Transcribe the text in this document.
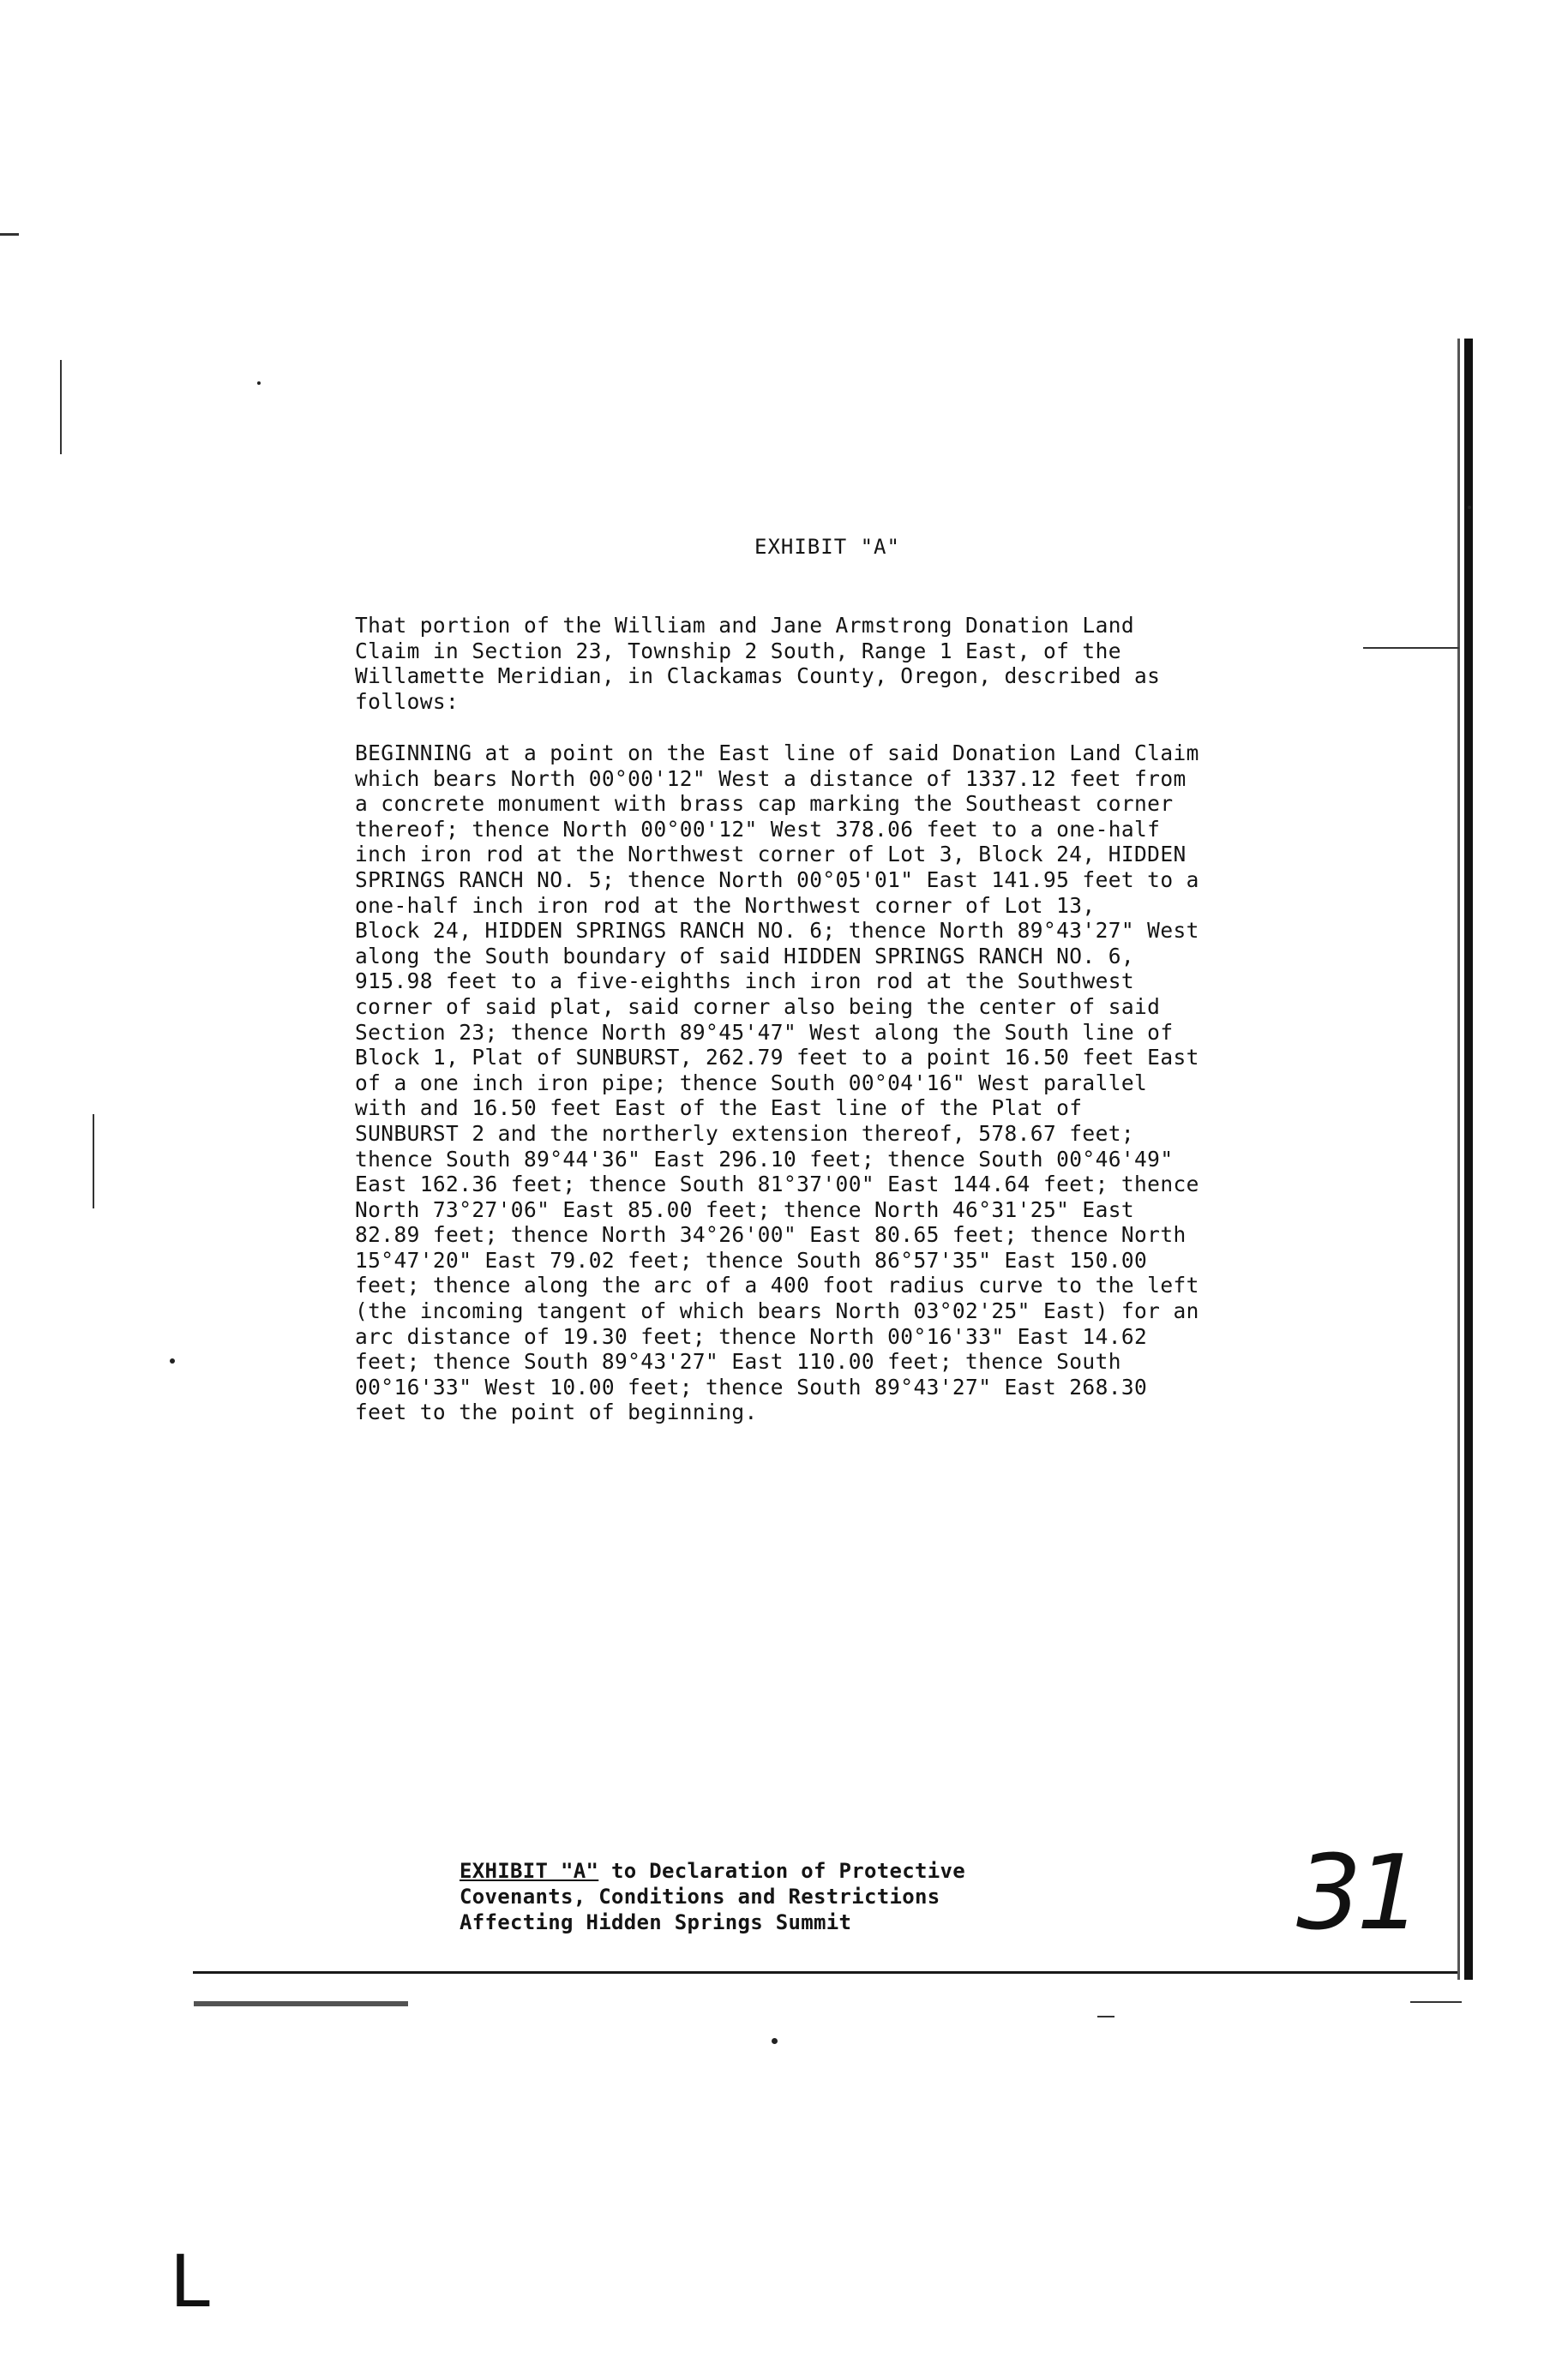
EXHIBIT "A"
That portion of the William and Jane Armstrong Donation Land
Claim in Section 23, Township 2 South, Range 1 East, of the
Willamette Meridian, in Clackamas County, Oregon, described as
follows:
BEGINNING at a point on the East line of said Donation Land Claim
which bears North 00°00'12" West a distance of 1337.12 feet from
a concrete monument with brass cap marking the Southeast corner
thereof; thence North 00°00'12" West 378.06 feet to a one-half
inch iron rod at the Northwest corner of Lot 3, Block 24, HIDDEN
SPRINGS RANCH NO. 5; thence North 00°05'01" East 141.95 feet to a
one-half inch iron rod at the Northwest corner of Lot 13,
Block 24, HIDDEN SPRINGS RANCH NO. 6; thence North 89°43'27" West
along the South boundary of said HIDDEN SPRINGS RANCH NO. 6,
915.98 feet to a five-eighths inch iron rod at the Southwest
corner of said plat, said corner also being the center of said
Section 23; thence North 89°45'47" West along the South line of
Block 1, Plat of SUNBURST, 262.79 feet to a point 16.50 feet East
of a one inch iron pipe; thence South 00°04'16" West parallel
with and 16.50 feet East of the East line of the Plat of
SUNBURST 2 and the northerly extension thereof, 578.67 feet;
thence South 89°44'36" East 296.10 feet; thence South 00°46'49"
East 162.36 feet; thence South 81°37'00" East 144.64 feet; thence
North 73°27'06" East 85.00 feet; thence North 46°31'25" East
82.89 feet; thence North 34°26'00" East 80.65 feet; thence North
15°47'20" East 79.02 feet; thence South 86°57'35" East 150.00
feet; thence along the arc of a 400 foot radius curve to the left
(the incoming tangent of which bears North 03°02'25" East) for an
arc distance of 19.30 feet; thence North 00°16'33" East 14.62
feet; thence South 89°43'27" East 110.00 feet; thence South
00°16'33" West 10.00 feet; thence South 89°43'27" East 268.30
feet to the point of beginning.
EXHIBIT "A" to Declaration of Protective
Covenants, Conditions and Restrictions
Affecting Hidden Springs Summit	31
L
